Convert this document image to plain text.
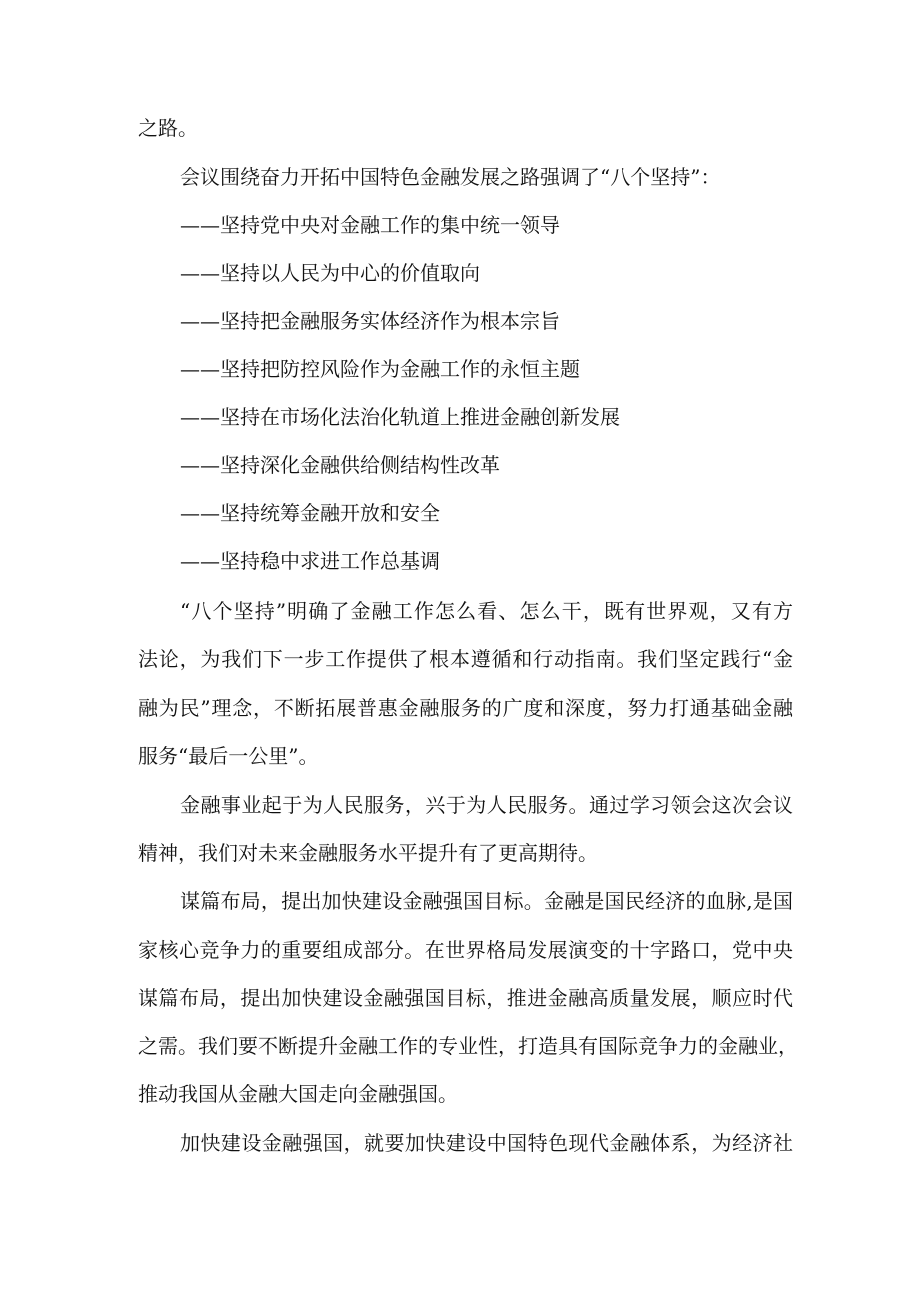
之路。
会议围绕奋力开拓中国特色金融发展之路强调了“八个坚持”：
——坚持党中央对金融工作的集中统一领导
——坚持以人民为中心的价值取向
——坚持把金融服务实体经济作为根本宗旨
——坚持把防控风险作为金融工作的永恒主题
——坚持在市场化法治化轨道上推进金融创新发展
——坚持深化金融供给侧结构性改革
——坚持统筹金融开放和安全
——坚持稳中求进工作总基调
“八个坚持”明确了金融工作怎么看、怎么干，既有世界观，又有方
法论，为我们下一步工作提供了根本遵循和行动指南。我们坚定践行“金
融为民”理念，不断拓展普惠金融服务的广度和深度，努力打通基础金融
服务“最后一公里”。
金融事业起于为人民服务，兴于为人民服务。通过学习领会这次会议
精神，我们对未来金融服务水平提升有了更高期待。
谋篇布局，提出加快建设金融强国目标。金融是国民经济的血脉,是国
家核心竞争力的重要组成部分。在世界格局发展演变的十字路口，党中央
谋篇布局，提出加快建设金融强国目标，推进金融高质量发展，顺应时代
之需。我们要不断提升金融工作的专业性，打造具有国际竞争力的金融业，
推动我国从金融大国走向金融强国。
加快建设金融强国，就要加快建设中国特色现代金融体系，为经济社
